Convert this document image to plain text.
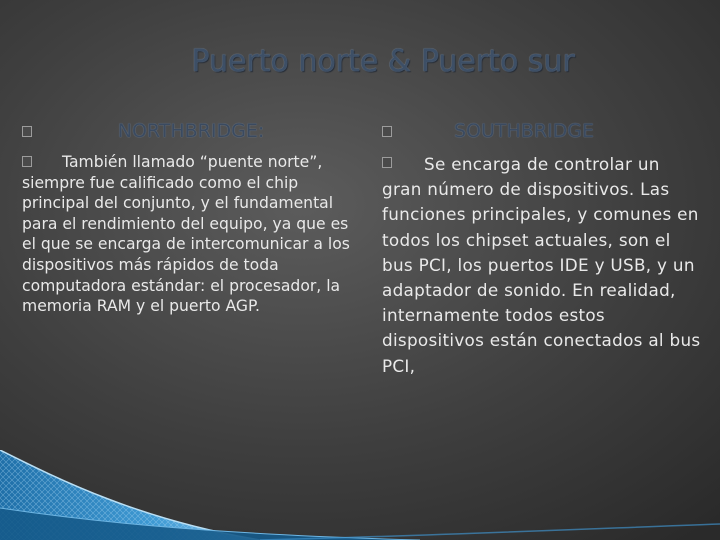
Puerto norte & Puerto sur
NORTHBRIDGE:

También llamado “puente norte”, siempre fue calificado como el chip principal del conjunto, y el fundamental para el rendimiento del equipo, ya que es el que se encarga de intercomunicar a los dispositivos más rápidos de toda computadora estándar: el procesador, la memoria RAM y el puerto AGP.

SOUTHBRIDGE

Se encarga de controlar un gran número de dispositivos. Las funciones principales, y comunes en todos los chipset actuales, son el bus PCI, los puertos IDE y USB, y un adaptador de sonido. En realidad, internamente todos estos dispositivos están conectados al bus PCI,
